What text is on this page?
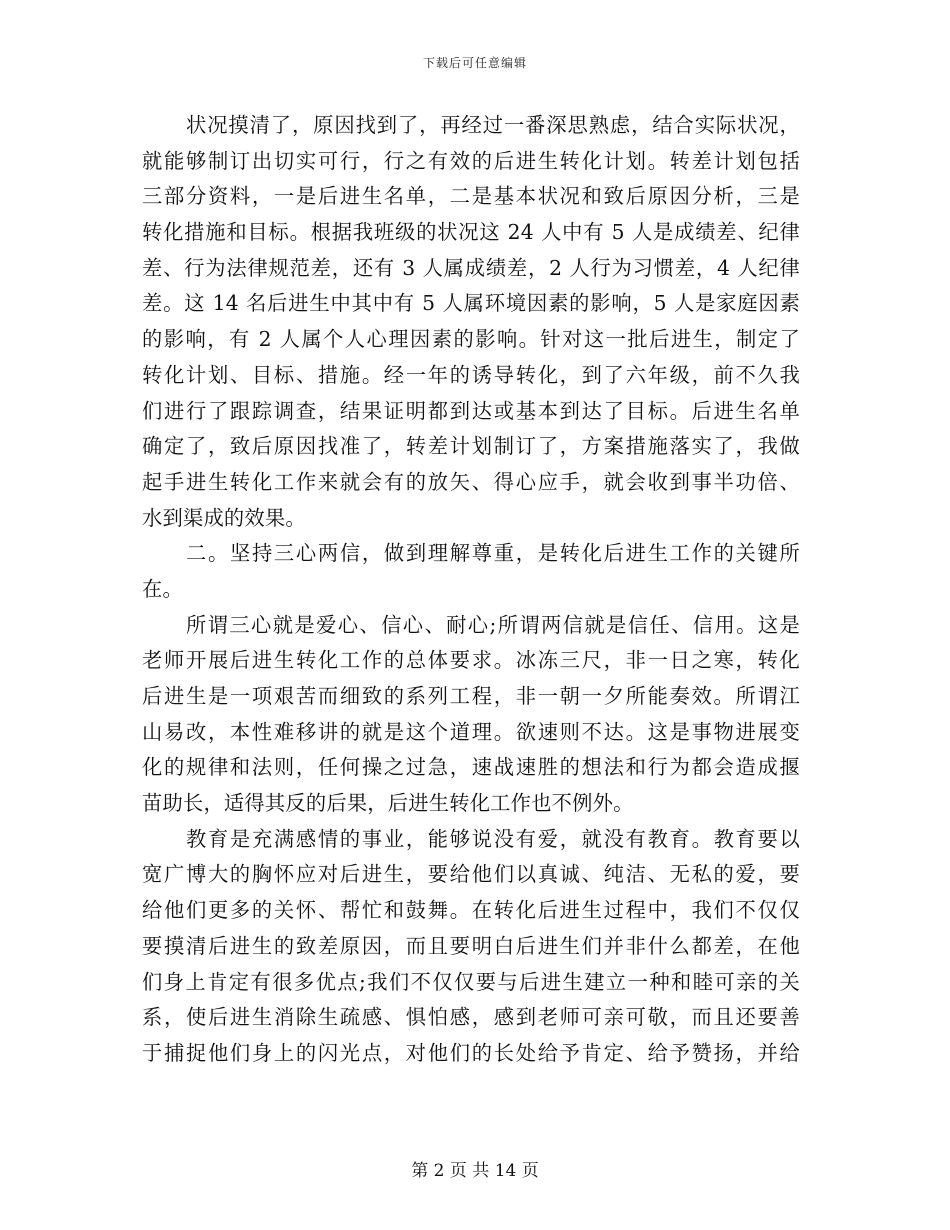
下载后可任意编辑
状况摸清了，原因找到了，再经过一番深思熟虑，结合实际状况，
就能够制订出切实可行，行之有效的后进生转化计划。转差计划包括
三部分资料，一是后进生名单，二是基本状况和致后原因分析，三是
转化措施和目标。根据我班级的状况这 24 人中有 5 人是成绩差、纪律
差、行为法律规范差，还有 3 人属成绩差，2 人行为习惯差，4 人纪律
差。这 14 名后进生中其中有 5 人属环境因素的影响，5 人是家庭因素
的影响，有 2 人属个人心理因素的影响。针对这一批后进生，制定了
转化计划、目标、措施。经一年的诱导转化，到了六年级，前不久我
们进行了跟踪调查，结果证明都到达或基本到达了目标。后进生名单
确定了，致后原因找准了，转差计划制订了，方案措施落实了，我做
起手进生转化工作来就会有的放矢、得心应手，就会收到事半功倍、
水到渠成的效果。
二。坚持三心两信，做到理解尊重，是转化后进生工作的关键所
在。
所谓三心就是爱心、信心、耐心;所谓两信就是信任、信用。这是
老师开展后进生转化工作的总体要求。冰冻三尺，非一日之寒，转化
后进生是一项艰苦而细致的系列工程，非一朝一夕所能奏效。所谓江
山易改，本性难移讲的就是这个道理。欲速则不达。这是事物进展变
化的规律和法则，任何操之过急，速战速胜的想法和行为都会造成揠
苗助长，适得其反的后果，后进生转化工作也不例外。
教育是充满感情的事业，能够说没有爱，就没有教育。教育要以
宽广博大的胸怀应对后进生，要给他们以真诚、纯洁、无私的爱，要
给他们更多的关怀、帮忙和鼓舞。在转化后进生过程中，我们不仅仅
要摸清后进生的致差原因，而且要明白后进生们并非什么都差，在他
们身上肯定有很多优点;我们不仅仅要与后进生建立一种和睦可亲的关
系，使后进生消除生疏感、惧怕感，感到老师可亲可敬，而且还要善
于捕捉他们身上的闪光点，对他们的长处给予肯定、给予赞扬，并给
第 2 页 共 14 页
